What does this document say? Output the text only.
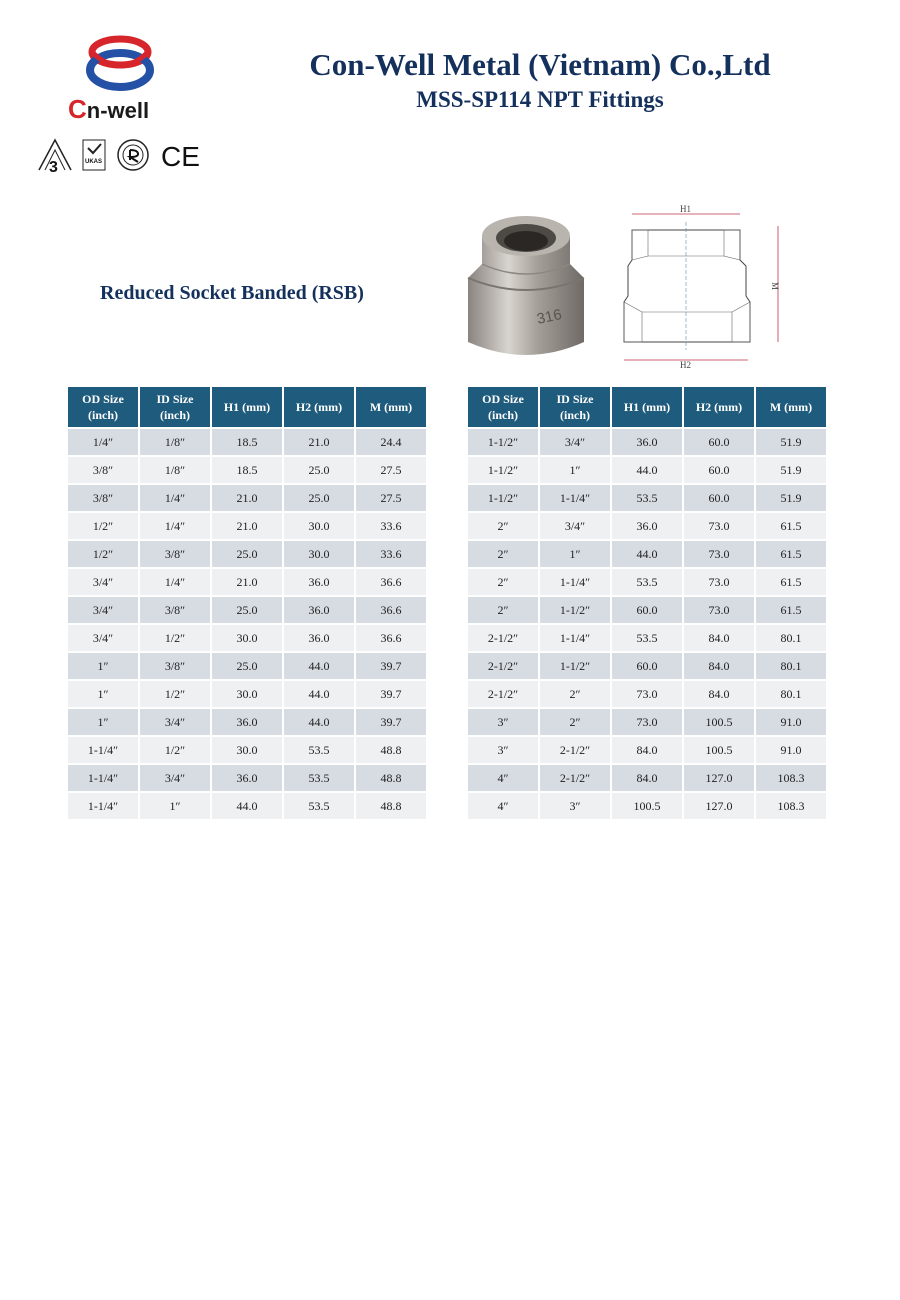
Cn-well
3	UKAS CE
Con-Well Metal (Vietnam) Co.,Ltd
MSS-SP114 NPT Fittings
Reduced Socket Banded (RSB)
316
H1
H2
M
OD Size
(inch)	ID Size
(inch)	H1 (mm)	H2 (mm)	M (mm)
1/4″	1/8″	18.5	21.0	24.4
3/8″	1/8″	18.5	25.0	27.5
3/8″	1/4″	21.0	25.0	27.5
1/2″	1/4″	21.0	30.0	33.6
1/2″	3/8″	25.0	30.0	33.6
3/4″	1/4″	21.0	36.0	36.6
3/4″	3/8″	25.0	36.0	36.6
3/4″	1/2″	30.0	36.0	36.6
1″	3/8″	25.0	44.0	39.7
1″	1/2″	30.0	44.0	39.7
1″	3/4″	36.0	44.0	39.7
1-1/4″	1/2″	30.0	53.5	48.8
1-1/4″	3/4″	36.0	53.5	48.8
1-1/4″	1″	44.0	53.5	48.8
OD Size
(inch)	ID Size
(inch)	H1 (mm)	H2 (mm)	M (mm)
1-1/2″	3/4″	36.0	60.0	51.9
1-1/2″	1″	44.0	60.0	51.9
1-1/2″	1-1/4″	53.5	60.0	51.9
2″	3/4″	36.0	73.0	61.5
2″	1″	44.0	73.0	61.5
2″	1-1/4″	53.5	73.0	61.5
2″	1-1/2″	60.0	73.0	61.5
2-1/2″	1-1/4″	53.5	84.0	80.1
2-1/2″	1-1/2″	60.0	84.0	80.1
2-1/2″	2″	73.0	84.0	80.1
3″	2″	73.0	100.5	91.0
3″	2-1/2″	84.0	100.5	91.0
4″	2-1/2″	84.0	127.0	108.3
4″	3″	100.5	127.0	108.3
